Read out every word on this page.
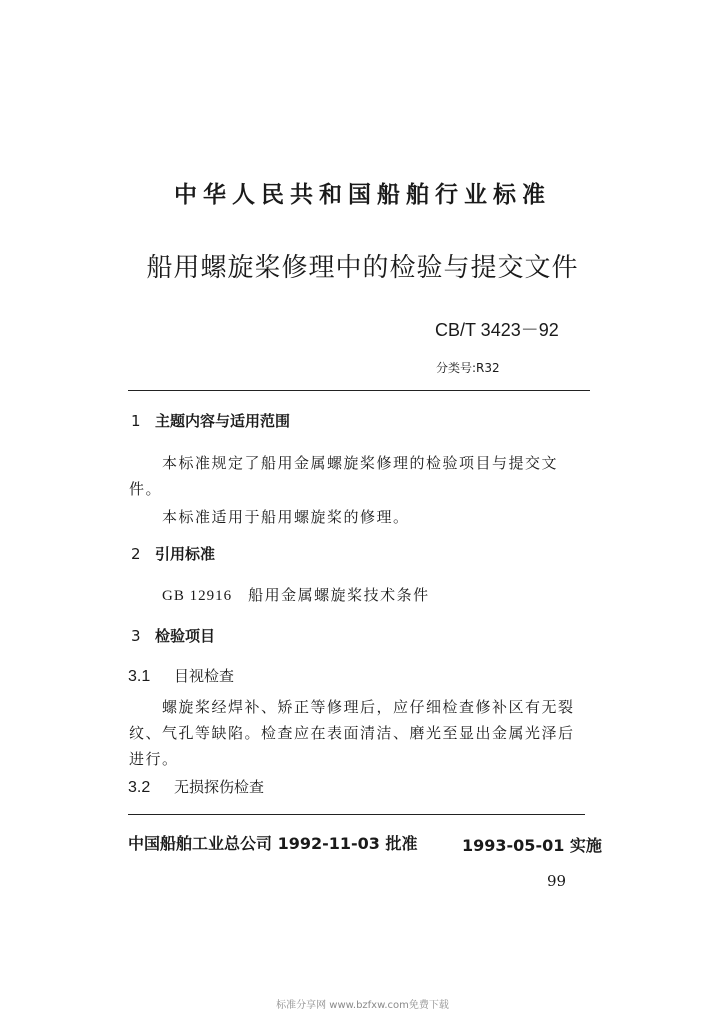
中华人民共和国船舶行业标准
船用螺旋桨修理中的检验与提交文件
CB/T 3423－92
分类号:R32
1 主题内容与适用范围
本标准规定了船用金属螺旋桨修理的检验项目与提交文
件。
本标准适用于船用螺旋桨的修理。
2 引用标准
GB 12916 船用金属螺旋桨技术条件
3 检验项目
3.1 目视检查
螺旋桨经焊补、矫正等修理后，应仔细检查修补区有无裂
纹、气孔等缺陷。检查应在表面清洁、磨光至显出金属光泽后
进行。
3.2 无损探伤检查
中国船舶工业总公司 1992-11-03 批准	1993-05-01 实施
99
标准分享网 www.bzfxw.com免费下载
